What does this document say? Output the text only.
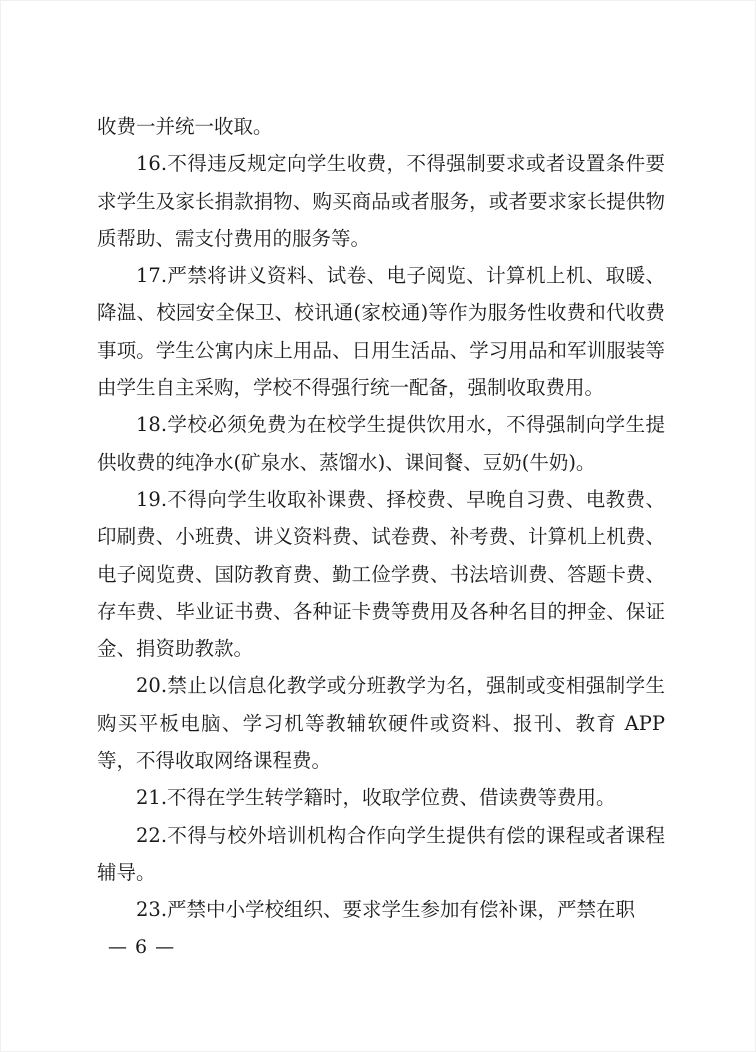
收费一并统一收取。

16.不得违反规定向学生收费，不得强制要求或者设置条件要求学生及家长捐款捐物、购买商品或者服务，或者要求家长提供物质帮助、需支付费用的服务等。

17.严禁将讲义资料、试卷、电子阅览、计算机上机、取暖、降温、校园安全保卫、校讯通(家校通)等作为服务性收费和代收费事项。学生公寓内床上用品、日用生活品、学习用品和军训服装等由学生自主采购，学校不得强行统一配备，强制收取费用。

18.学校必须免费为在校学生提供饮用水，不得强制向学生提供收费的纯净水(矿泉水、蒸馏水)、课间餐、豆奶(牛奶)。

19.不得向学生收取补课费、择校费、早晚自习费、电教费、印刷费、小班费、讲义资料费、试卷费、补考费、计算机上机费、电子阅览费、国防教育费、勤工俭学费、书法培训费、答题卡费、存车费、毕业证书费、各种证卡费等费用及各种名目的押金、保证金、捐资助教款。

20.禁止以信息化教学或分班教学为名，强制或变相强制学生购买平板电脑、学习机等教辅软硬件或资料、报刊、教育 APP等，不得收取网络课程费。

21.不得在学生转学籍时，收取学位费、借读费等费用。

22.不得与校外培训机构合作向学生提供有偿的课程或者课程辅导。

23.严禁中小学校组织、要求学生参加有偿补课，严禁在职

— 6 —
